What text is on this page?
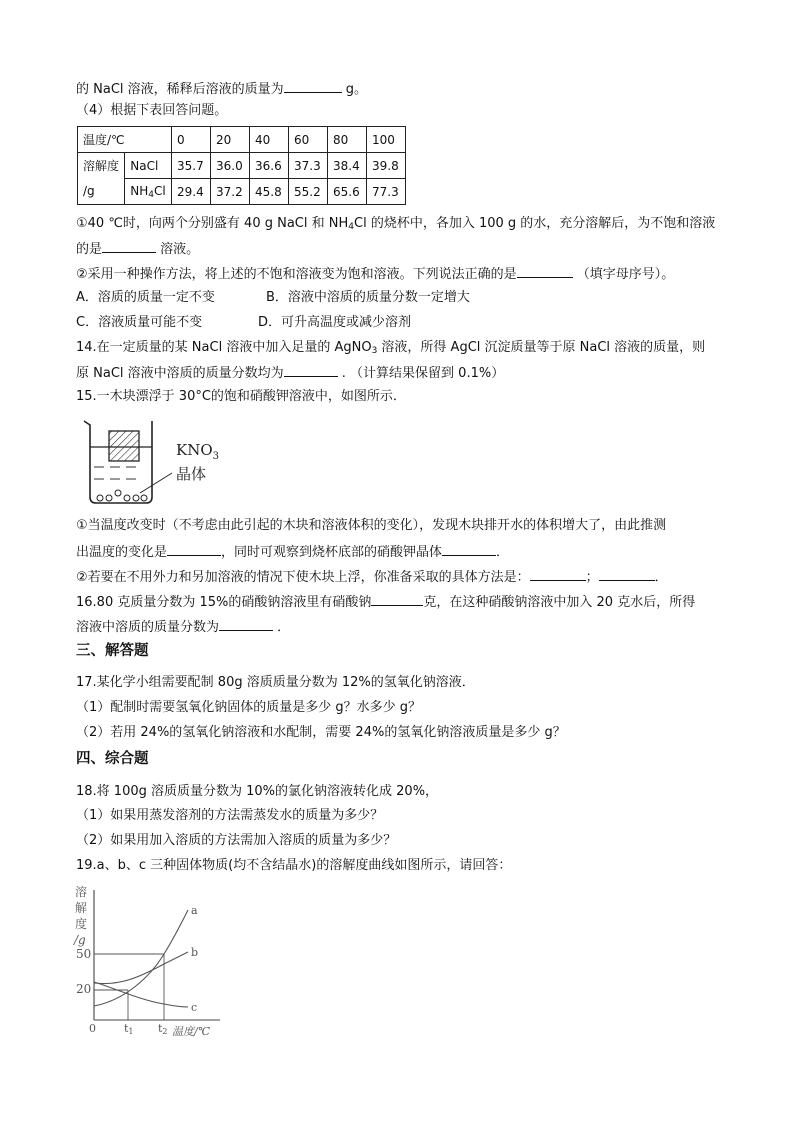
的 NaCl 溶液，稀释后溶液的质量为	g。
（4）根据下表回答问题。
温度/℃		0	20	40	60	80	100
溶解度	NaCl	35.7	36.0	36.6	37.3	38.4	39.8
/g	$NH_4Cl$	29.4	37.2	45.8	55.2	65.6	77.3
①40 ℃时，向两个分别盛有 40 g NaCl 和 $NH_4Cl$ 的烧杯中，各加入 100 g 的水，充分溶解后，为不饱和溶液
的是	溶液。
②采用一种操作方法，将上述的不饱和溶液变为饱和溶液。下列说法正确的是	（填字母序号）。
A．溶质的质量一定不变	B．溶液中溶质的质量分数一定增大
C．溶液质量可能不变	D．可升高温度或减少溶剂
14.在一定质量的某 NaCl 溶液中加入足量的 AgNO$_3$ 溶液，所得 AgCl 沉淀质量等于原 NaCl 溶液的质量，则
原 NaCl 溶液中溶质的质量分数均为	. （计算结果保留到 0.1%）
15.一木块漂浮于 30°C的饱和硝酸钾溶液中，如图所示．
$KNO_3$
晶体
①当温度改变时（不考虑由此引起的木块和溶液体积的变化），发现木块排开水的体积增大了，由此推测
出温度的变化是	，同时可观察到烧杯底部的硝酸钾晶体	．
②若要在不用外力和另加溶液的情况下使木块上浮，你准备采取的具体方法是：	；	．
16.80 克质量分数为 15%的硝酸钠溶液里有硝酸钠	克，在这种硝酸钠溶液中加入 20 克水后，所得
溶液中溶质的质量分数为	．
三、解答题
17.某化学小组需要配制 80g 溶质质量分数为 12%的氢氧化钠溶液．
（1）配制时需要氢氧化钠固体的质量是多少 g？水多少 g？
（2）若用 24%的氢氧化钠溶液和水配制，需要 24%的氢氧化钠溶液质量是多少 g？
四、综合题
18.将 100g 溶质质量分数为 10%的氯化钠溶液转化成 20%，
（1）如果用蒸发溶剂的方法需蒸发水的质量为多少？
（2）如果用加入溶质的方法需加入溶质的质量为多少？
19.a、b、c 三种固体物质(均不含结晶水)的溶解度曲线如图所示，请回答：
溶
解
度
/g
50
20
0	t1 t2 温度/℃
a
b
c
